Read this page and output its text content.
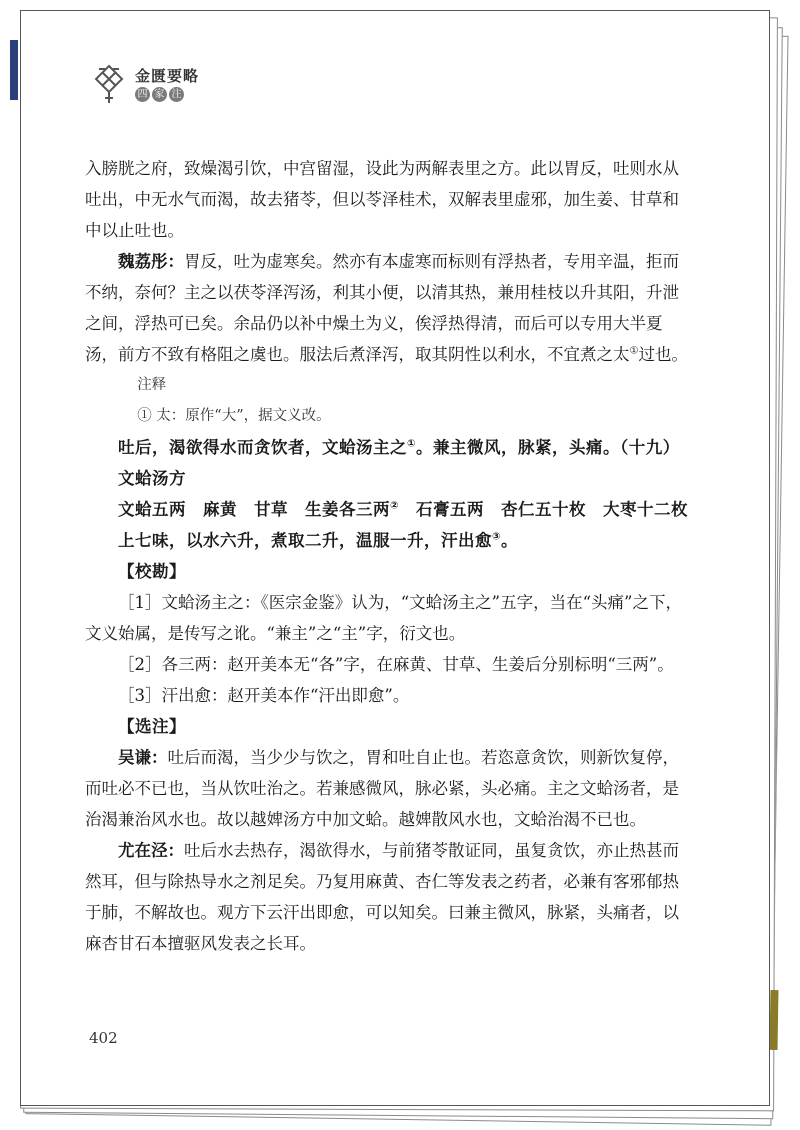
金匮要略
四 家 注

入膀胱之府，致燥渴引饮，中宫留湿，设此为两解表里之方。此以胃反，吐则水从吐出，中无水气而渴，故去猪苓，但以苓泽桂术，双解表里虚邪，加生姜、甘草和中以止吐也。

魏荔彤：胃反，吐为虚寒矣。然亦有本虚寒而标则有浮热者，专用辛温，拒而不纳，奈何？主之以茯苓泽泻汤，利其小便，以清其热，兼用桂枝以升其阳，升泄之间，浮热可已矣。余品仍以补中燥土为义，俟浮热得清，而后可以专用大半夏汤，前方不致有格阻之虞也。服法后煮泽泻，取其阴性以利水，不宜煮之太①过也。

注释

① 太：原作“大”，据文义改。

吐后，渴欲得水而贪饮者，文蛤汤主之①。兼主微风，脉紧，头痛。（十九）

文蛤汤方

文蛤五两　麻黄　甘草　生姜各三两②　石膏五两　杏仁五十枚　大枣十二枚

上七味，以水六升，煮取二升，温服一升，汗出愈③。

【校勘】

［1］文蛤汤主之：《医宗金鉴》认为，“文蛤汤主之”五字，当在“头痛”之下，文义始属，是传写之讹。“兼主”之“主”字，衍文也。

［2］各三两：赵开美本无“各”字，在麻黄、甘草、生姜后分别标明“三两”。

［3］汗出愈：赵开美本作“汗出即愈”。

【选注】

吴谦：吐后而渴，当少少与饮之，胃和吐自止也。若恣意贪饮，则新饮复停，而吐必不已也，当从饮吐治之。若兼感微风，脉必紧，头必痛。主之文蛤汤者，是治渴兼治风水也。故以越婢汤方中加文蛤。越婢散风水也，文蛤治渴不已也。

尤在泾：吐后水去热存，渴欲得水，与前猪苓散证同，虽复贪饮，亦止热甚而然耳，但与除热导水之剂足矣。乃复用麻黄、杏仁等发表之药者，必兼有客邪郁热于肺，不解故也。观方下云汗出即愈，可以知矣。曰兼主微风，脉紧，头痛者，以麻杏甘石本擅驱风发表之长耳。

402
